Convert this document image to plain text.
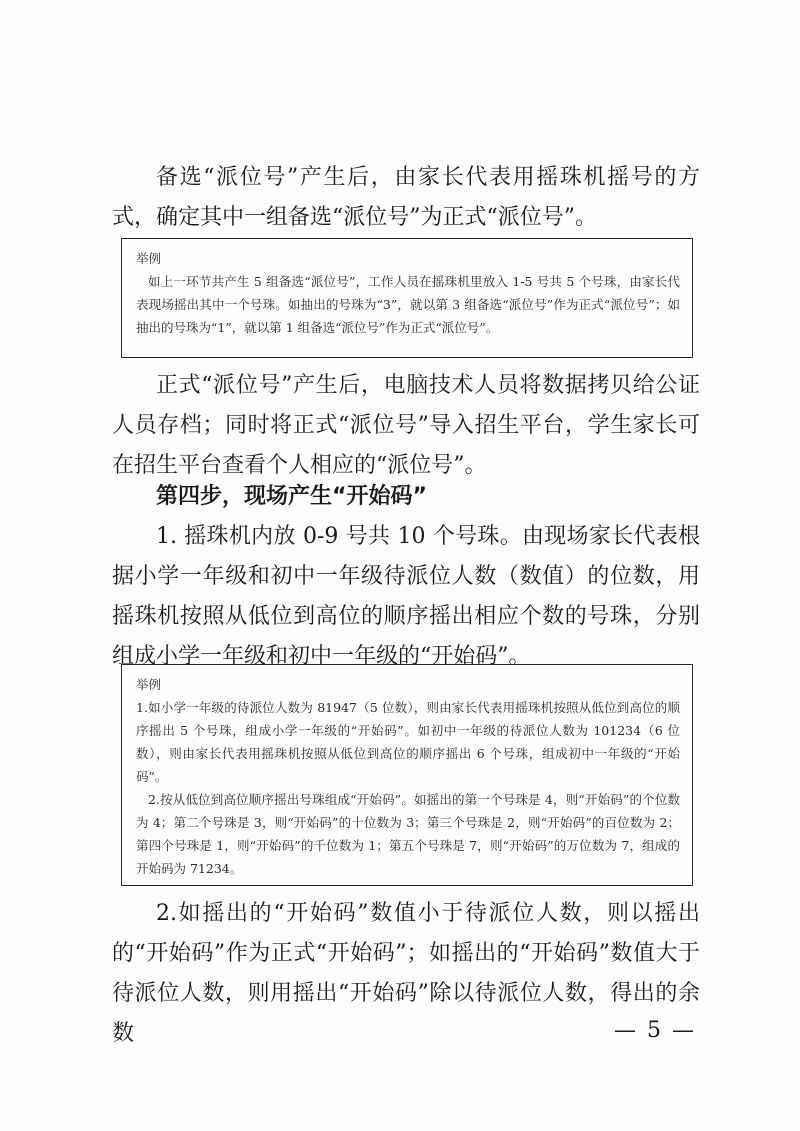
备选“派位号”产生后，由家长代表用摇珠机摇号的方式，确定其中一组备选“派位号”为正式“派位号”。

举例

如上一环节共产生 5 组备选“派位号”，工作人员在摇珠机里放入 1-5 号共 5 个号珠，由家长代表现场摇出其中一个号珠。如抽出的号珠为“3”，就以第 3 组备选“派位号”作为正式“派位号”；如抽出的号珠为“1”，就以第 1 组备选“派位号”作为正式“派位号”。

正式“派位号”产生后，电脑技术人员将数据拷贝给公证人员存档；同时将正式“派位号”导入招生平台，学生家长可在招生平台查看个人相应的“派位号”。

第四步，现场产生“开始码”

1. 摇珠机内放 0-9 号共 10 个号珠。由现场家长代表根据小学一年级和初中一年级待派位人数（数值）的位数，用摇珠机按照从低位到高位的顺序摇出相应个数的号珠，分别组成小学一年级和初中一年级的“开始码”。

举例

1.如小学一年级的待派位人数为 81947（5 位数），则由家长代表用摇珠机按照从低位到高位的顺序摇出 5 个号珠，组成小学一年级的“开始码”。如初中一年级的待派位人数为 101234（6 位数），则由家长代表用摇珠机按照从低位到高位的顺序摇出 6 个号珠，组成初中一年级的“开始码”。

2.按从低位到高位顺序摇出号珠组成“开始码”。如摇出的第一个号珠是 4，则“开始码”的个位数为 4；第二个号珠是 3，则“开始码”的十位数为 3；第三个号珠是 2，则“开始码”的百位数为 2；第四个号珠是 1，则“开始码”的千位数为 1；第五个号珠是 7，则“开始码”的万位数为 7，组成的开始码为 71234。

2.如摇出的“开始码”数值小于待派位人数，则以摇出的“开始码”作为正式“开始码”；如摇出的“开始码”数值大于待派位人数，则用摇出“开始码”除以待派位人数，得出的余数	— 5 —
